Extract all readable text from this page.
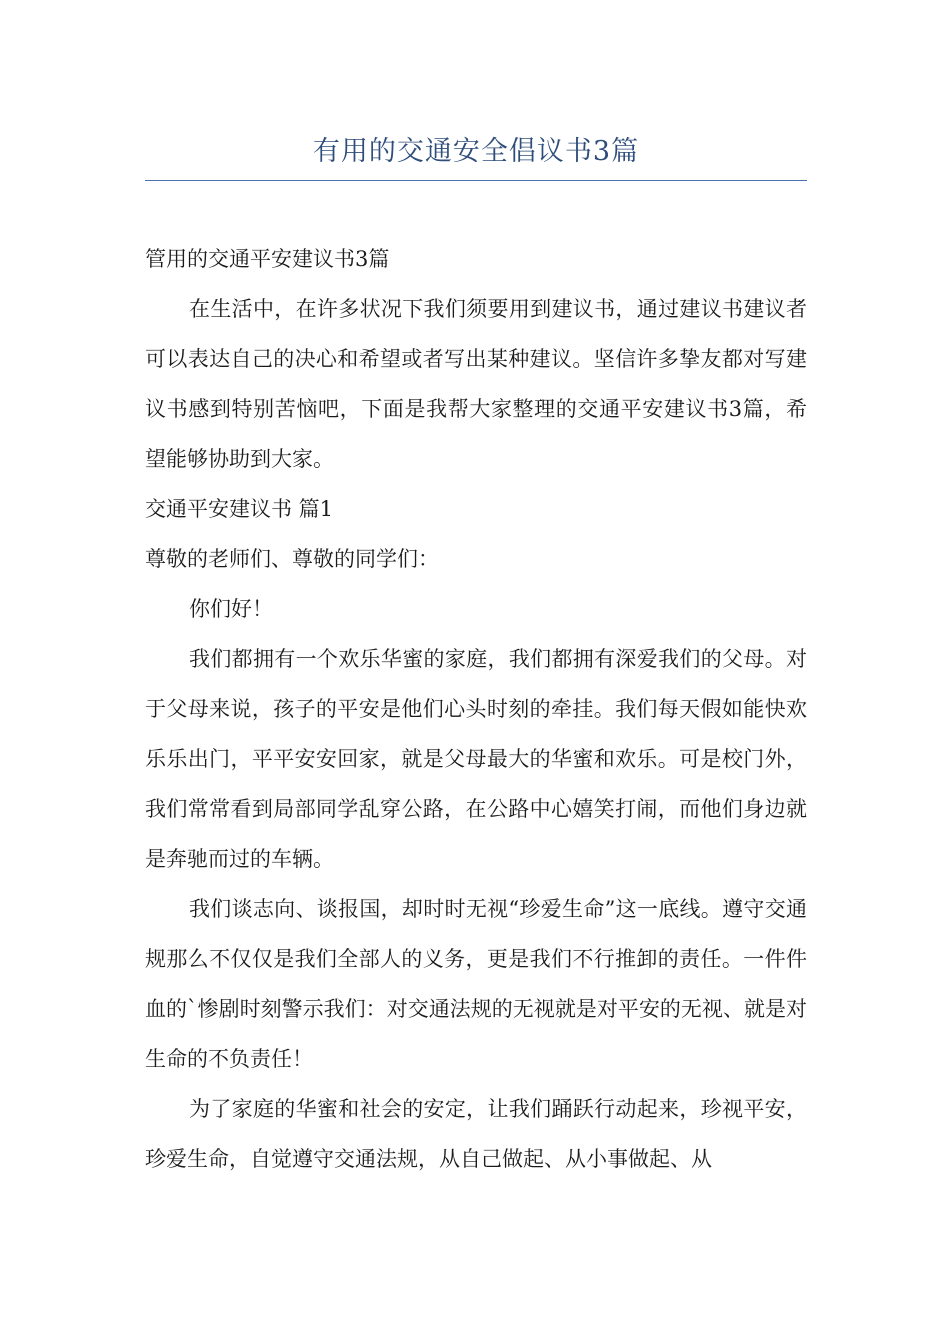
有用的交通安全倡议书3篇

管用的交通平安建议书3篇

在生活中，在许多状况下我们须要用到建议书，通过建议书建议者可以表达自己的决心和希望或者写出某种建议。坚信许多挚友都对写建议书感到特别苦恼吧，下面是我帮大家整理的交通平安建议书3篇，希望能够协助到大家。

交通平安建议书 篇1

尊敬的老师们、尊敬的同学们：

你们好！

我们都拥有一个欢乐华蜜的家庭，我们都拥有深爱我们的父母。对于父母来说，孩子的平安是他们心头时刻的牵挂。我们每天假如能快欢乐乐出门，平平安安回家，就是父母最大的华蜜和欢乐。可是校门外，我们常常看到局部同学乱穿公路，在公路中心嬉笑打闹，而他们身边就是奔驰而过的车辆。

我们谈志向、谈报国，却时时无视“珍爱生命”这一底线。遵守交通规那么不仅仅是我们全部人的义务，更是我们不行推卸的责任。一件件血的`惨剧时刻警示我们：对交通法规的无视就是对平安的无视、就是对生命的不负责任！

为了家庭的华蜜和社会的安定，让我们踊跃行动起来，珍视平安，珍爱生命，自觉遵守交通法规，从自己做起、从小事做起、从
